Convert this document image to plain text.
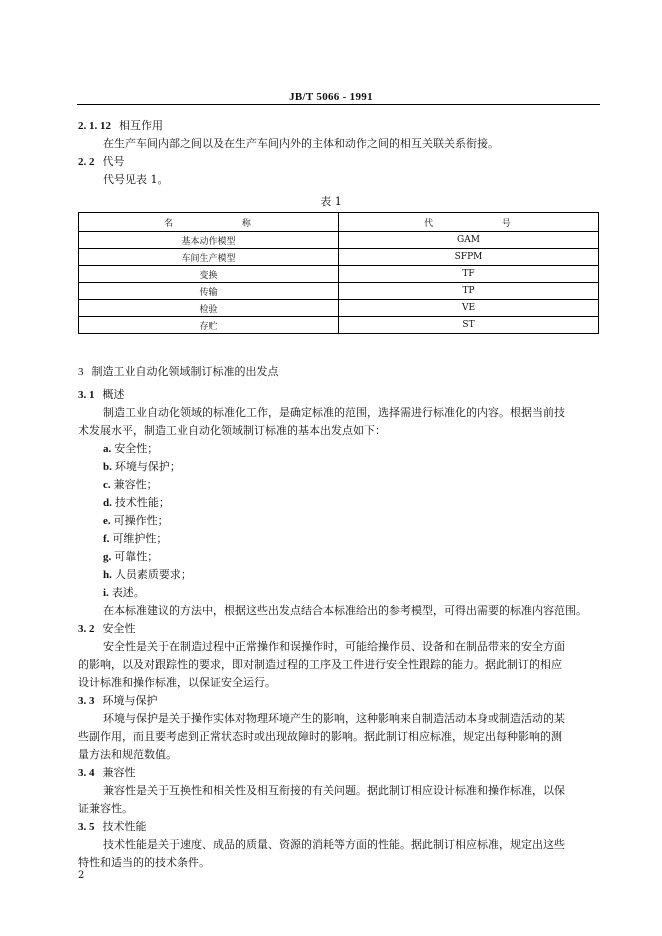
JB/T 5066 - 1991
2. 1. 12 相互作用
在生产车间内部之间以及在生产车间内外的主体和动作之间的相互关联关系衔接。
2. 2 代号
代号见表 1。
表 1
名 称	代 号
基本动作模型	GAM
车间生产模型	SFPM
变换	TF
传输	TP
检验	VE
存贮	ST
3 制造工业自动化领域制订标准的出发点
3. 1 概述
制造工业自动化领域的标准化工作，是确定标准的范围，选择需进行标准化的内容。根据当前技
术发展水平，制造工业自动化领域制订标准的基本出发点如下：
a. 安全性；
b. 环境与保护；
c. 兼容性；
d. 技术性能；
e. 可操作性；
f. 可维护性；
g. 可靠性；
h. 人员素质要求；
i. 表述。
在本标准建议的方法中，根据这些出发点结合本标准给出的参考模型，可得出需要的标准内容范围。
3. 2 安全性
安全性是关于在制造过程中正常操作和误操作时，可能给操作员、设备和在制品带来的安全方面
的影响，以及对跟踪性的要求，即对制造过程的工序及工件进行安全性跟踪的能力。据此制订的相应
设计标准和操作标准，以保证安全运行。
3. 3 环境与保护
环境与保护是关于操作实体对物理环境产生的影响，这种影响来自制造活动本身或制造活动的某
些副作用，而且要考虑到正常状态时或出现故障时的影响。据此制订相应标准，规定出每种影响的测
量方法和规范数值。
3. 4 兼容性
兼容性是关于互换性和相关性及相互衔接的有关问题。据此制订相应设计标准和操作标准，以保
证兼容性。
3. 5 技术性能
技术性能是关于速度、成品的质量、资源的消耗等方面的性能。据此制订相应标准，规定出这些
特性和适当的的技术条件。
2
